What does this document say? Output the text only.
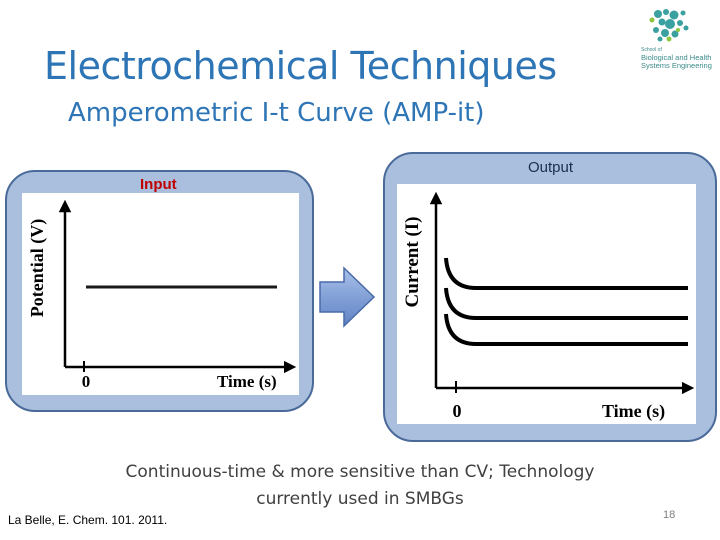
Electrochemical Techniques
Amperometric I-t Curve (AMP-it)
School of
Biological and Health
Systems Engineering
Input
Potential (V)
0	Time (s)
Output
Current (I)
0	Time (s)
Continuous-time & more sensitive than CV; Technology
currently used in SMBGs
La Belle, E. Chem. 101. 2011.	18
